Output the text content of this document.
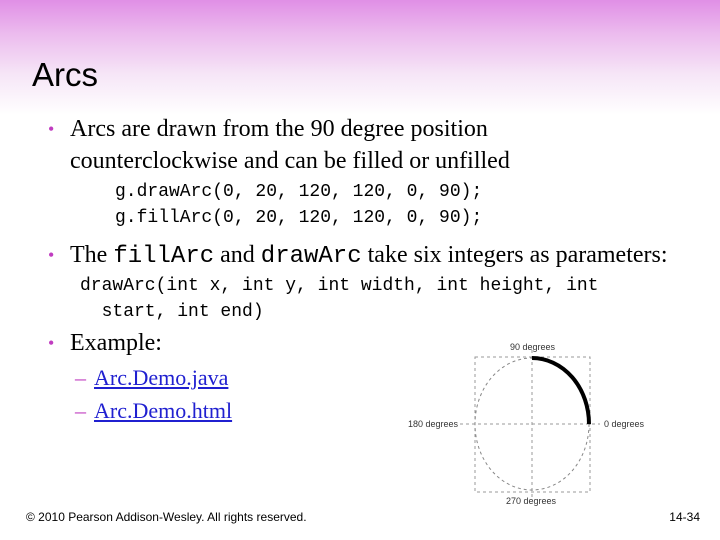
Arcs
• Arcs are drawn from the 90 degree position counterclockwise and can be filled or unfilled
g.drawArc(0, 20, 120, 120, 0, 90);
g.fillArc(0, 20, 120, 120, 0, 90);
• The fillArc and drawArc take six integers as parameters:
drawArc(int x, int y, int width, int height, int
start, int end)
• Example:
– Arc.Demo.java
– Arc.Demo.html
90 degrees
180 degrees	0 degrees
270 degrees
© 2010 Pearson Addison-Wesley. All rights reserved.	14-34
